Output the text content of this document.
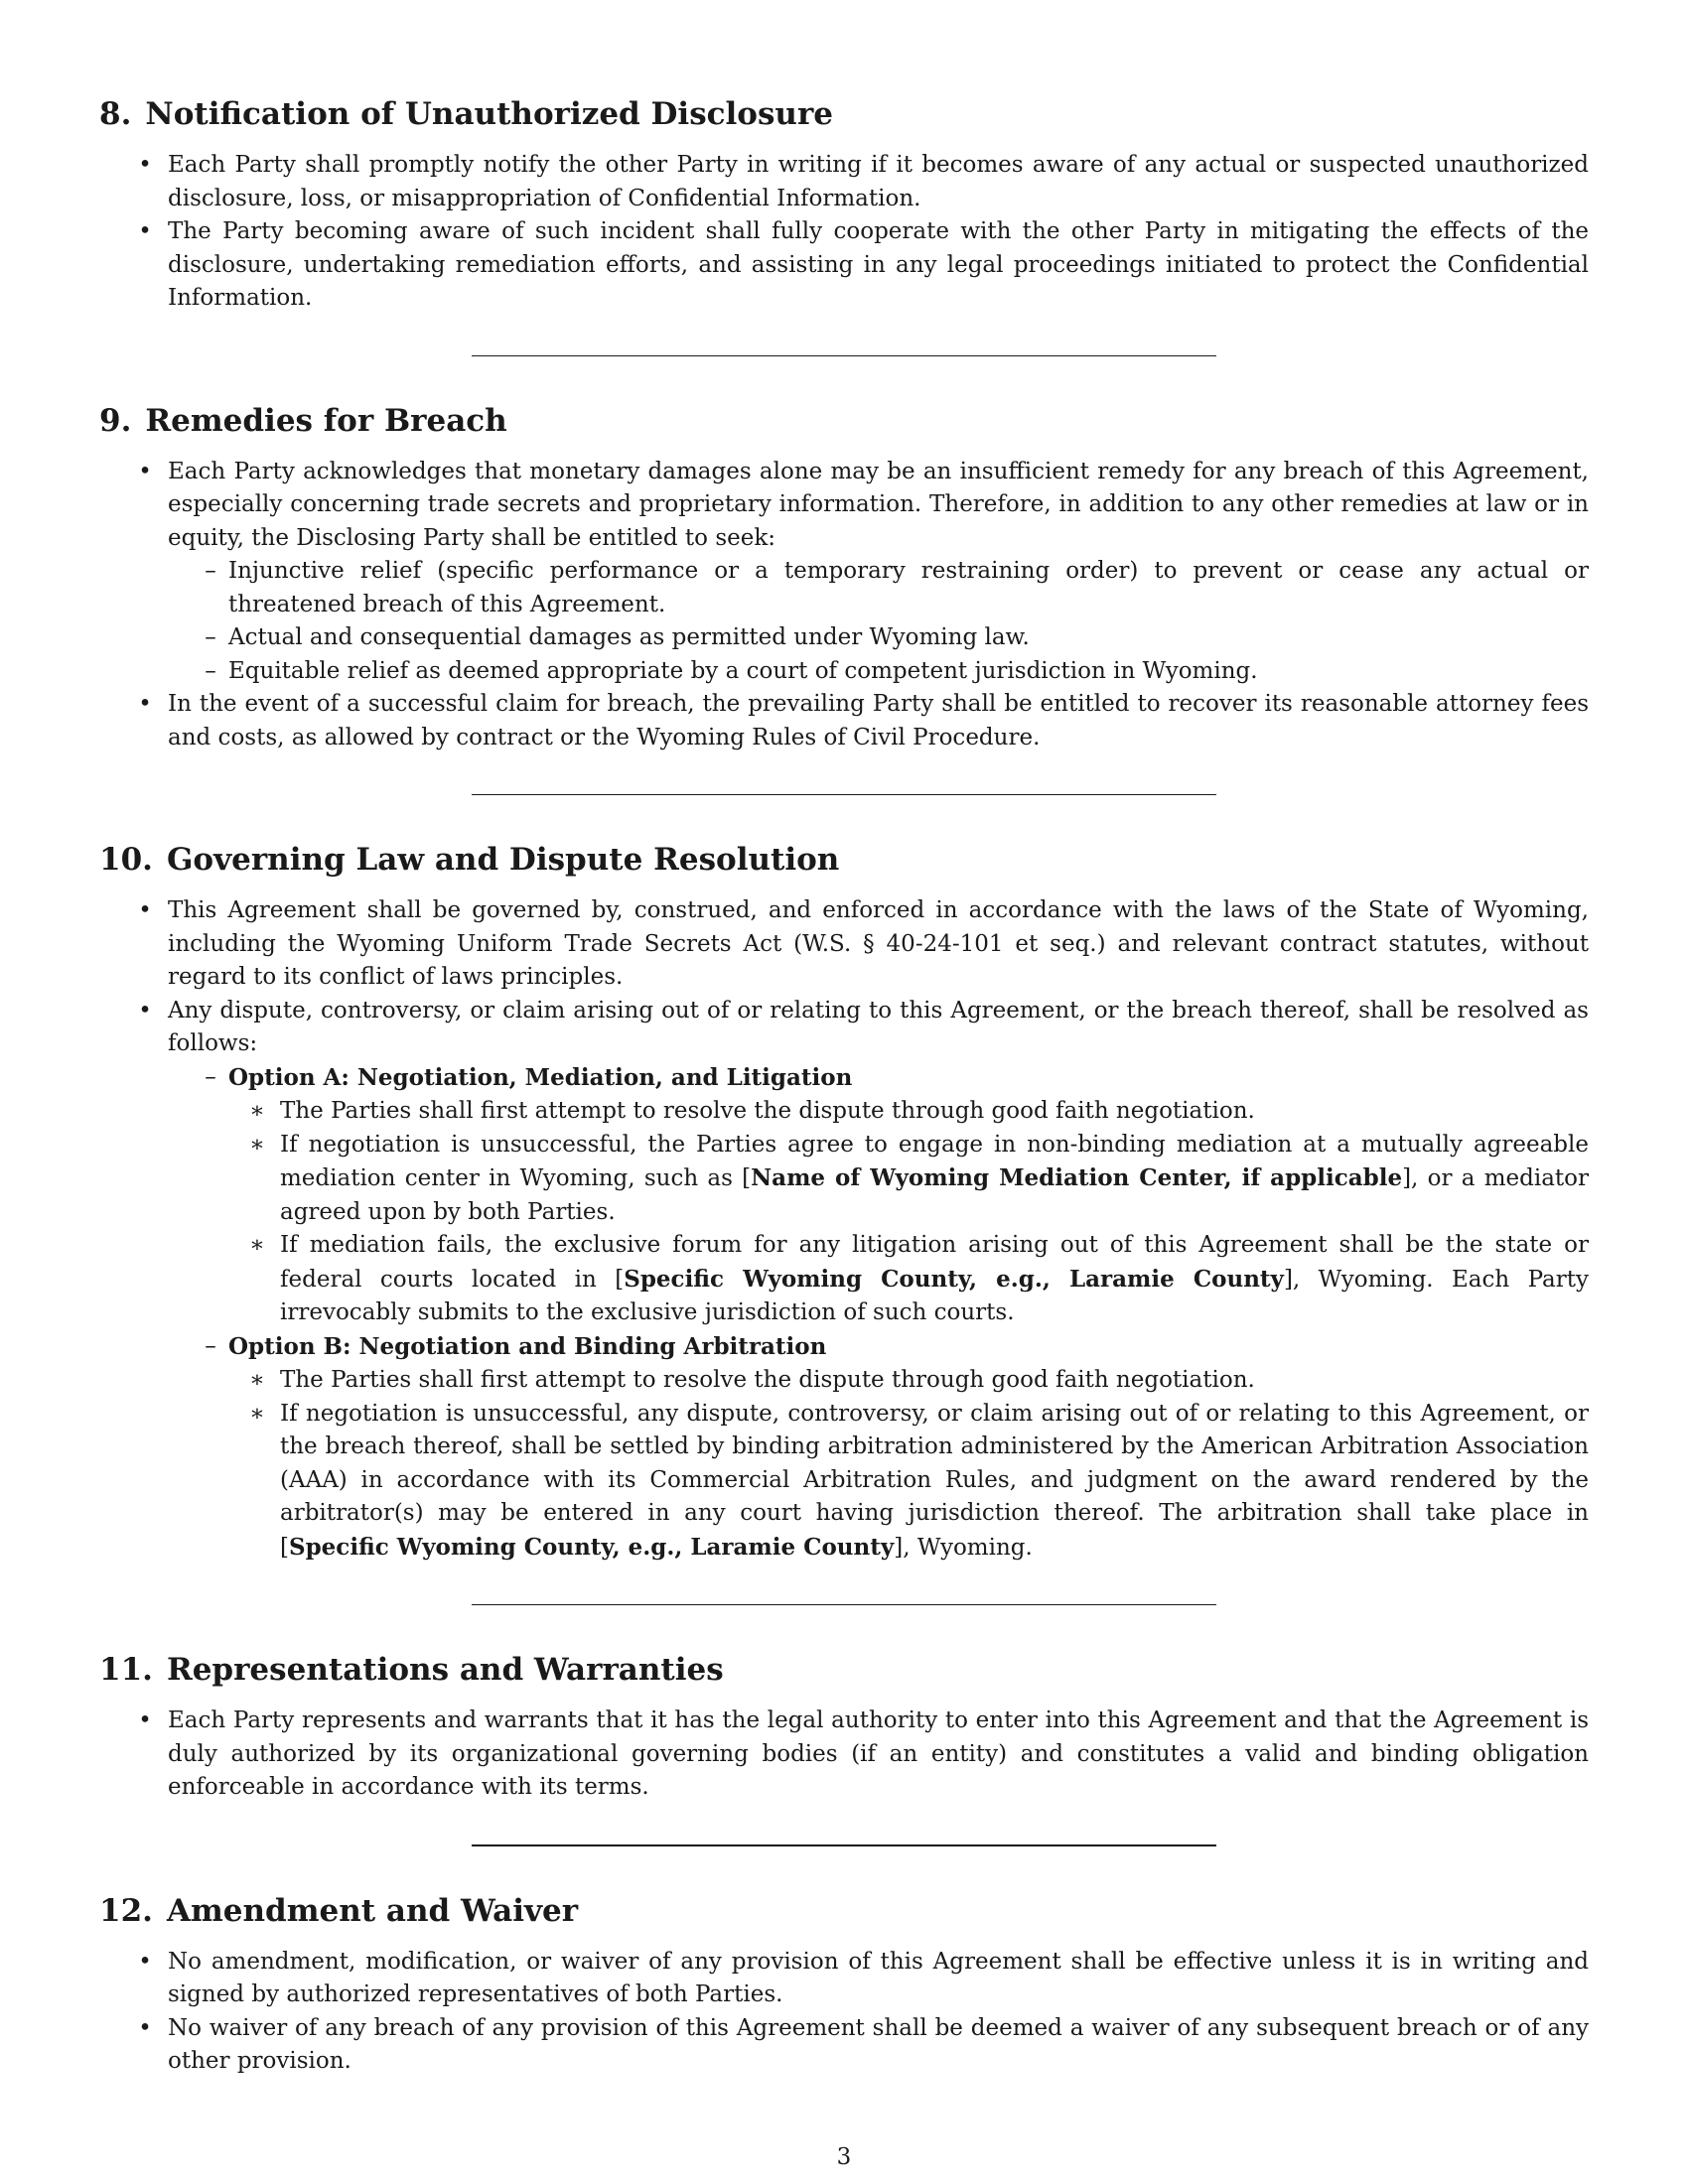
8. Notification of Unauthorized Disclosure
• Each Party shall promptly notify the other Party in writing if it becomes aware of any actual or suspected unauthorized disclosure, loss, or misappropriation of Confidential Information.
• The Party becoming aware of such incident shall fully cooperate with the other Party in mitigating the effects of the disclosure, undertaking remediation efforts, and assisting in any legal proceedings initiated to protect the Confidential Information.
9. Remedies for Breach
• Each Party acknowledges that monetary damages alone may be an insufficient remedy for any breach of this Agreement, especially concerning trade secrets and proprietary information. Therefore, in addition to any other remedies at law or in equity, the Disclosing Party shall be entitled to seek:
– Injunctive relief (specific performance or a temporary restraining order) to prevent or cease any actual or threatened breach of this Agreement.
– Actual and consequential damages as permitted under Wyoming law.
– Equitable relief as deemed appropriate by a court of competent jurisdiction in Wyoming.
• In the event of a successful claim for breach, the prevailing Party shall be entitled to recover its reasonable attorney fees and costs, as allowed by contract or the Wyoming Rules of Civil Procedure.
10. Governing Law and Dispute Resolution
• This Agreement shall be governed by, construed, and enforced in accordance with the laws of the State of Wyoming, including the Wyoming Uniform Trade Secrets Act (W.S. § 40-24-101 et seq.) and relevant contract statutes, without regard to its conflict of laws principles.
• Any dispute, controversy, or claim arising out of or relating to this Agreement, or the breach thereof, shall be resolved as follows:
– Option A: Negotiation, Mediation, and Litigation
∗ The Parties shall first attempt to resolve the dispute through good faith negotiation.
∗ If negotiation is unsuccessful, the Parties agree to engage in non-binding mediation at a mutually agreeable mediation center in Wyoming, such as [Name of Wyoming Mediation Center, if applicable], or a mediator agreed upon by both Parties.
∗ If mediation fails, the exclusive forum for any litigation arising out of this Agreement shall be the state or federal courts located in [Specific Wyoming County, e.g., Laramie County], Wyoming. Each Party irrevocably submits to the exclusive jurisdiction of such courts.
– Option B: Negotiation and Binding Arbitration
∗ The Parties shall first attempt to resolve the dispute through good faith negotiation.
∗ If negotiation is unsuccessful, any dispute, controversy, or claim arising out of or relating to this Agreement, or the breach thereof, shall be settled by binding arbitration administered by the American Arbitration Association (AAA) in accordance with its Commercial Arbitration Rules, and judgment on the award rendered by the arbitrator(s) may be entered in any court having jurisdiction thereof. The arbitration shall take place in [Specific Wyoming County, e.g., Laramie County], Wyoming.
11. Representations and Warranties
• Each Party represents and warrants that it has the legal authority to enter into this Agreement and that the Agreement is duly authorized by its organizational governing bodies (if an entity) and constitutes a valid and binding obligation enforceable in accordance with its terms.
12. Amendment and Waiver
• No amendment, modification, or waiver of any provision of this Agreement shall be effective unless it is in writing and signed by authorized representatives of both Parties.
• No waiver of any breach of any provision of this Agreement shall be deemed a waiver of any subsequent breach or of any other provision.
3
